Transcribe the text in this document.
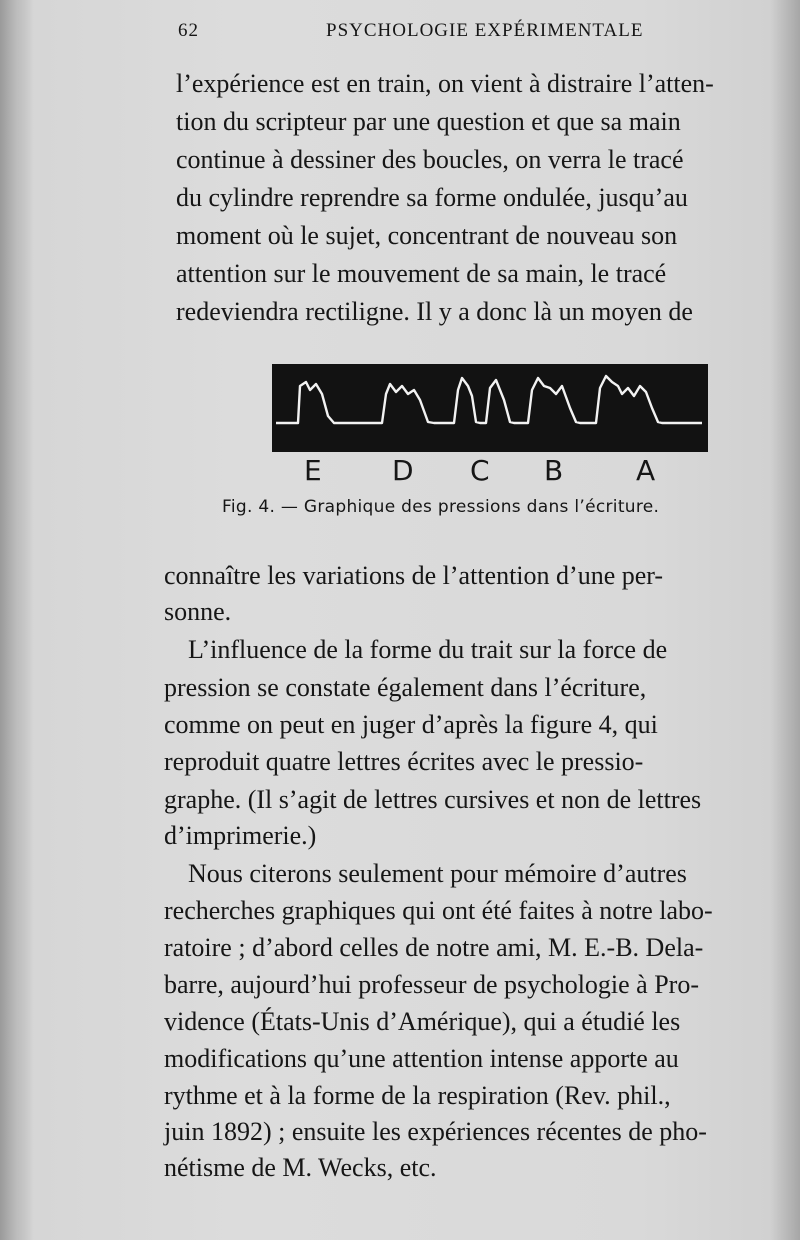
62	PSYCHOLOGIE EXPÉRIMENTALE
l’expérience est en train, on vient à distraire l’atten-
tion du scripteur par une question et que sa main
continue à dessiner des boucles, on verra le tracé
du cylindre reprendre sa forme ondulée, jusqu’au
moment où le sujet, concentrant de nouveau son
attention sur le mouvement de sa main, le tracé
redeviendra rectiligne. Il y a donc là un moyen de
E	D C B	A
Fig. 4. — Graphique des pressions dans l’écriture.
connaître les variations de l’attention d’une per-
sonne.
L’influence de la forme du trait sur la force de
pression se constate également dans l’écriture,
comme on peut en juger d’après la figure 4, qui
reproduit quatre lettres écrites avec le pressio-
graphe. (Il s’agit de lettres cursives et non de lettres
d’imprimerie.)
Nous citerons seulement pour mémoire d’autres
recherches graphiques qui ont été faites à notre labo-
ratoire ; d’abord celles de notre ami, M. E.-B. Dela-
barre, aujourd’hui professeur de psychologie à Pro-
vidence (États-Unis d’Amérique), qui a étudié les
modifications qu’une attention intense apporte au
rythme et à la forme de la respiration (Rev. phil.,
juin 1892) ; ensuite les expériences récentes de pho-
nétisme de M. Wecks, etc.
